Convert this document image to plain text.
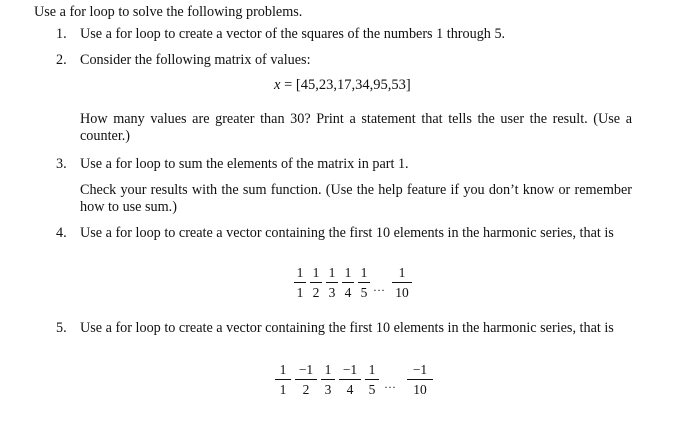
Use a for loop to solve the following problems.
1. Use a for loop to create a vector of the squares of the numbers 1 through 5.
2. Consider the following matrix of values:
x = [45,23,17,34,95,53]
How many values are greater than 30? Print a statement that tells the user the result. (Use a counter.)
3. Use a for loop to sum the elements of the matrix in part 1.
Check your results with the sum function. (Use the help feature if you don’t know or remember how to use sum.)
4. Use a for loop to create a vector containing the first 10 elements in the harmonic series, that is
1
1
1
2
1
3
1
4
1
5 …
1
10
5. Use a for loop to create a vector containing the first 10 elements in the harmonic series, that is
1
1
−1
2
1
3
−1
4
1
5 …
−1
10
